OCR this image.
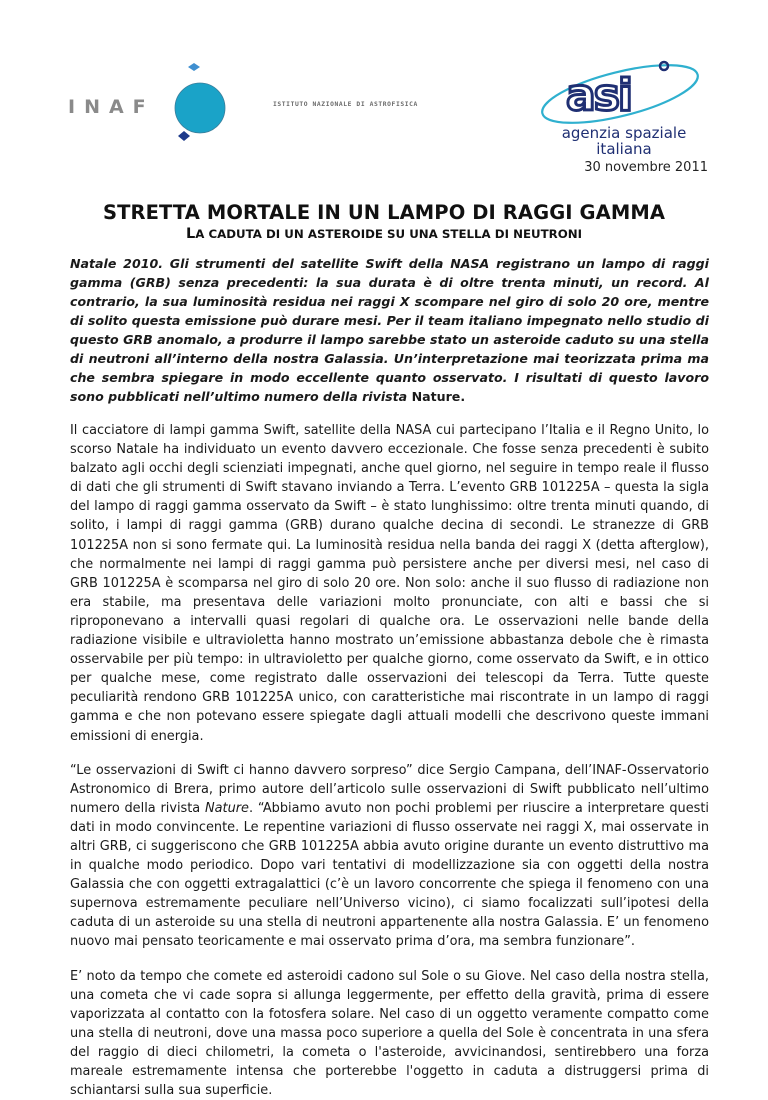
INAF	ISTITUTO NAZIONALE DI ASTROFISICA	asi
agenzia spaziale
italiana
30 novembre 2011
STRETTA MORTALE IN UN LAMPO DI RAGGI GAMMA
LA CADUTA DI UN ASTEROIDE SU UNA STELLA DI NEUTRONI

Natale 2010. Gli strumenti del satellite Swift della NASA registrano un lampo di raggi gamma (GRB) senza precedenti: la sua durata è di oltre trenta minuti, un record. Al contrario, la sua luminosità residua nei raggi X scompare nel giro di solo 20 ore, mentre di solito questa emissione può durare mesi. Per il team italiano impegnato nello studio di questo GRB anomalo, a produrre il lampo sarebbe stato un asteroide caduto su una stella di neutroni all’interno della nostra Galassia. Un’interpretazione mai teorizzata prima ma che sembra spiegare in modo eccellente quanto osservato. I risultati di questo lavoro sono pubblicati nell’ultimo numero della rivista Nature.

Il cacciatore di lampi gamma Swift, satellite della NASA cui partecipano l’Italia e il Regno Unito, lo scorso Natale ha individuato un evento davvero eccezionale. Che fosse senza precedenti è subito balzato agli occhi degli scienziati impegnati, anche quel giorno, nel seguire in tempo reale il flusso di dati che gli strumenti di Swift stavano inviando a Terra. L’evento GRB 101225A – questa la sigla del lampo di raggi gamma osservato da Swift – è stato lunghissimo: oltre trenta minuti quando, di solito, i lampi di raggi gamma (GRB) durano qualche decina di secondi. Le stranezze di GRB 101225A non si sono fermate qui. La luminosità residua nella banda dei raggi X (detta afterglow), che normalmente nei lampi di raggi gamma può persistere anche per diversi mesi, nel caso di GRB 101225A è scomparsa nel giro di solo 20 ore. Non solo: anche il suo flusso di radiazione non era stabile, ma presentava delle variazioni molto pronunciate, con alti e bassi che si riproponevano a intervalli quasi regolari di qualche ora. Le osservazioni nelle bande della radiazione visibile e ultravioletta hanno mostrato un’emissione abbastanza debole che è rimasta osservabile per più tempo: in ultravioletto per qualche giorno, come osservato da Swift, e in ottico per qualche mese, come registrato dalle osservazioni dei telescopi da Terra. Tutte queste peculiarità rendono GRB 101225A unico, con caratteristiche mai riscontrate in un lampo di raggi gamma e che non potevano essere spiegate dagli attuali modelli che descrivono queste immani emissioni di energia.

“Le osservazioni di Swift ci hanno davvero sorpreso” dice Sergio Campana, dell’INAF-Osservatorio Astronomico di Brera, primo autore dell’articolo sulle osservazioni di Swift pubblicato nell’ultimo numero della rivista Nature. “Abbiamo avuto non pochi problemi per riuscire a interpretare questi dati in modo convincente. Le repentine variazioni di flusso osservate nei raggi X, mai osservate in altri GRB, ci suggeriscono che GRB 101225A abbia avuto origine durante un evento distruttivo ma in qualche modo periodico. Dopo vari tentativi di modellizzazione sia con oggetti della nostra Galassia che con oggetti extragalattici (c’è un lavoro concorrente che spiega il fenomeno con una supernova estremamente peculiare nell’Universo vicino), ci siamo focalizzati sull’ipotesi della caduta di un asteroide su una stella di neutroni appartenente alla nostra Galassia. E’ un fenomeno nuovo mai pensato teoricamente e mai osservato prima d’ora, ma sembra funzionare”.

E’ noto da tempo che comete ed asteroidi cadono sul Sole o su Giove. Nel caso della nostra stella, una cometa che vi cade sopra si allunga leggermente, per effetto della gravità, prima di essere vaporizzata al contatto con la fotosfera solare. Nel caso di un oggetto veramente compatto come una stella di neutroni, dove una massa poco superiore a quella del Sole è concentrata in una sfera del raggio di dieci chilometri, la cometa o l'asteroide, avvicinandosi, sentirebbero una forza mareale estremamente intensa che porterebbe l'oggetto in caduta a distruggersi prima di schiantarsi sulla sua superficie.
